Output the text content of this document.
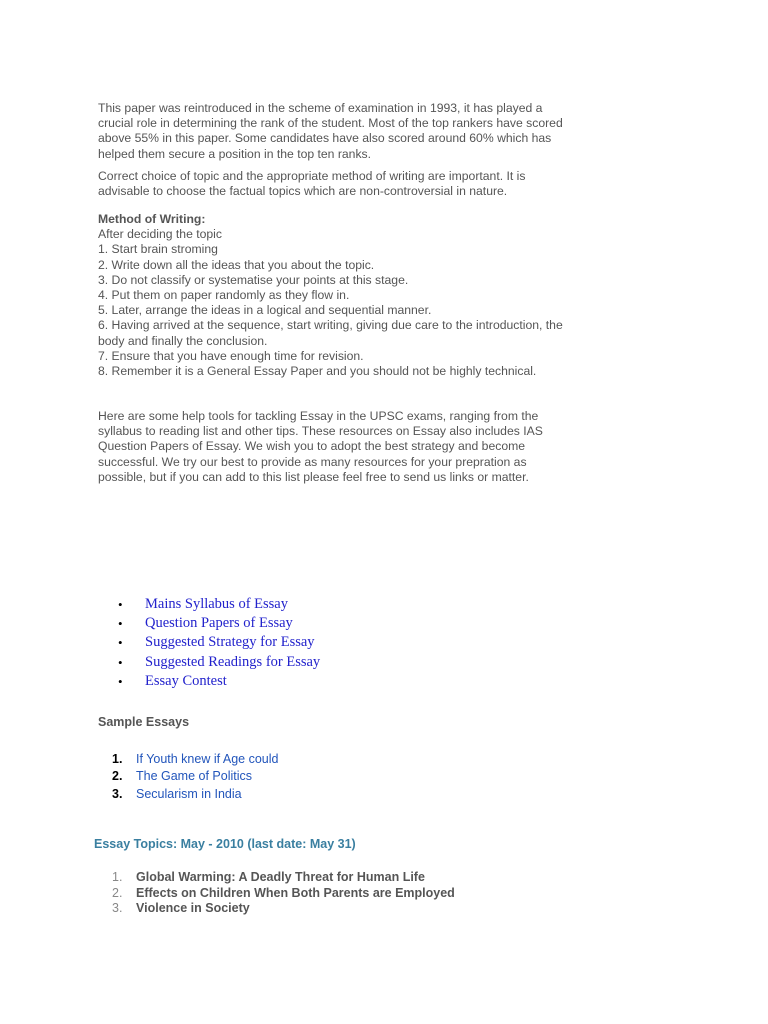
This paper was reintroduced in the scheme of examination in 1993, it has played a crucial role in determining the rank of the student. Most of the top rankers have scored above 55% in this paper. Some candidates have also scored around 60% which has helped them secure a position in the top ten ranks.

Correct choice of topic and the appropriate method of writing are important. It is advisable to choose the factual topics which are non-controversial in nature.

Method of Writing:
After deciding the topic
1. Start brain stroming
2. Write down all the ideas that you about the topic.
3. Do not classify or systematise your points at this stage.
4. Put them on paper randomly as they flow in.
5. Later, arrange the ideas in a logical and sequential manner.
6. Having arrived at the sequence, start writing, giving due care to the introduction, the body and finally the conclusion.
7. Ensure that you have enough time for revision.
8. Remember it is a General Essay Paper and you should not be highly technical.

Here are some help tools for tackling Essay in the UPSC exams, ranging from the syllabus to reading list and other tips. These resources on Essay also includes IAS Question Papers of Essay. We wish you to adopt the best strategy and become successful. We try our best to provide as many resources for your prepration as possible, but if you can add to this list please feel free to send us links or matter.

• Mains Syllabus of Essay
• Question Papers of Essay
• Suggested Strategy for Essay
• Suggested Readings for Essay
• Essay Contest
Sample Essays
1. If Youth knew if Age could
2. The Game of Politics
3. Secularism in India
Essay Topics: May - 2010 (last date: May 31)
1. Global Warming: A Deadly Threat for Human Life
2. Effects on Children When Both Parents are Employed
3. Violence in Society
